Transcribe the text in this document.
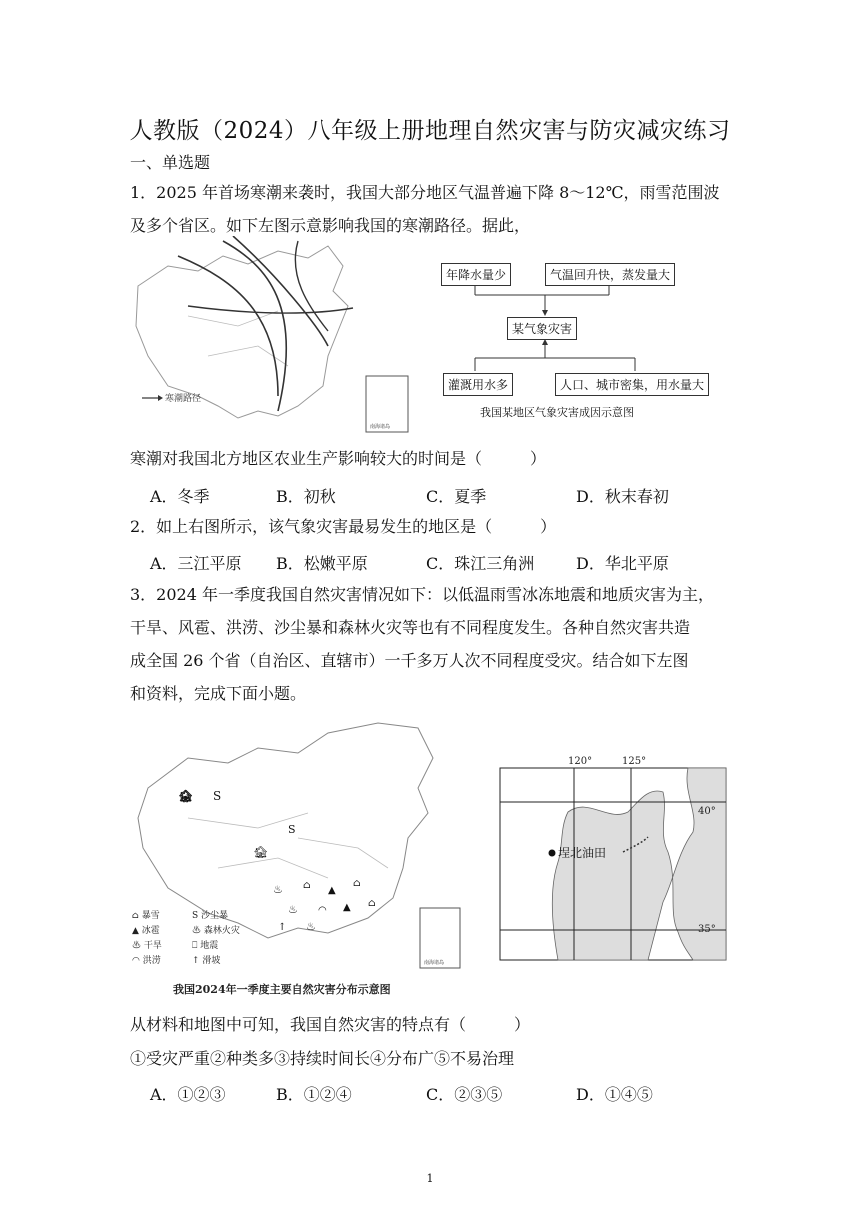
人教版（2024）八年级上册地理自然灾害与防灾减灾练习
一、单选题
1．2025 年首场寒潮来袭时，我国大部分地区气温普遍下降 8～12℃，雨雪范围波
及多个省区。如下左图示意影响我国的寒潮路径。据此，
南海诸岛
寒潮路径
年降水量少	气温回升快，蒸发量大
某气象灾害
灌溉用水多	人口、城市密集，用水量大
我国某地区气象灾害成因示意图
寒潮对我国北方地区农业生产影响较大的时间是（　　　）
A．冬季	B．初秋	C．夏季	D．秋末春初
2．如上右图所示，该气象灾害最易发生的地区是（　　　）
A．三江平原	B．松嫩平原	C．珠江三角洲	D．华北平原
3．2024 年一季度我国自然灾害情况如下：以低温雨雪冰冻地震和地质灾害为主，
干旱、风雹、洪涝、沙尘暴和森林火灾等也有不同程度发生。各种自然灾害共造
成全国 26 个省（自治区、直辖市）一千多万人次不同程度受灾。结合如下左图
和资料，完成下面小题。
🏚 S
S
🏚
♨ ⌂ ▲
⌂
♨ ◠ ▲ ⌂
↑ ♨
南海诸岛
⌂ 暴雪
▲ 冰雹
♨ 干旱
◠ 洪涝
S 沙尘暴
♨ 森林火灾
⎕ 地震
↑ 滑坡
我国2024年一季度主要自然灾害分布示意图
120°	125°
40°
35°
埕北油田
从材料和地图中可知，我国自然灾害的特点有（　　　）
①受灾严重②种类多③持续时间长④分布广⑤不易治理
A．①②③	B．①②④	C．②③⑤	D．①④⑤
1
